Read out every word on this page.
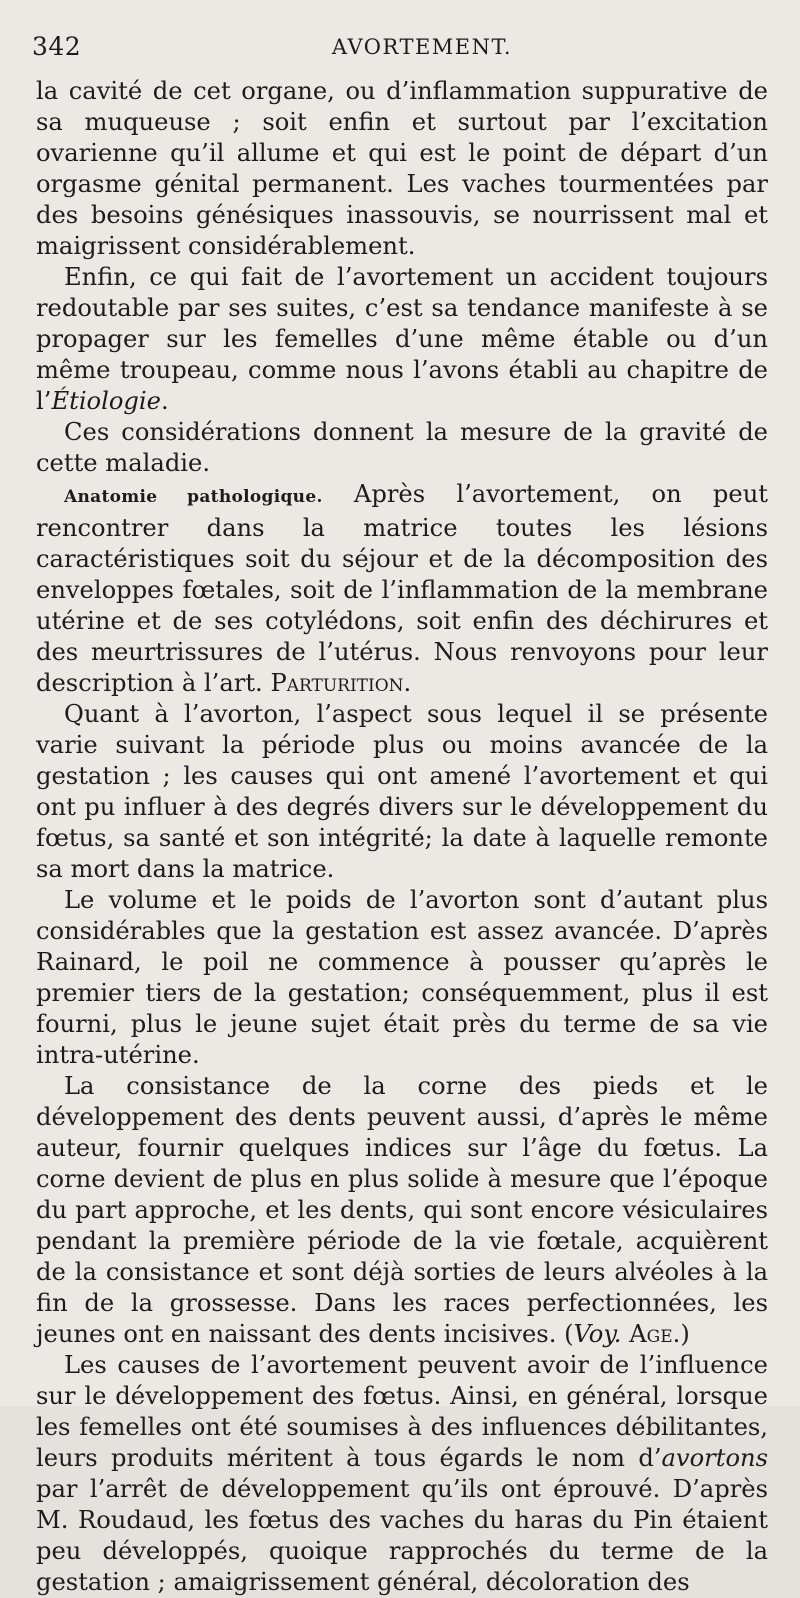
342	AVORTEMENT.

la cavité de cet organe, ou d’inflammation suppurative de sa muqueuse ; soit enfin et surtout par l’excitation ovarienne qu’il allume et qui est le point de départ d’un orgasme génital permanent. Les vaches tourmentées par des besoins génésiques inassouvis, se nourrissent mal et maigrissent considérablement.

Enfin, ce qui fait de l’avortement un accident toujours redoutable par ses suites, c’est sa tendance manifeste à se propager sur les femelles d’une même étable ou d’un même troupeau, comme nous l’avons établi au chapitre de l’Étiologie.

Ces considérations donnent la mesure de la gravité de cette maladie.

Anatomie pathologique. Après l’avortement, on peut rencontrer dans la matrice toutes les lésions caractéristiques soit du séjour et de la décomposition des enveloppes fœtales, soit de l’inflammation de la membrane utérine et de ses cotylédons, soit enfin des déchirures et des meurtrissures de l’utérus. Nous renvoyons pour leur description à l’art. Parturition.

Quant à l’avorton, l’aspect sous lequel il se présente varie suivant la période plus ou moins avancée de la gestation ; les causes qui ont amené l’avortement et qui ont pu influer à des degrés divers sur le développement du fœtus, sa santé et son intégrité; la date à laquelle remonte sa mort dans la matrice.

Le volume et le poids de l’avorton sont d’autant plus considérables que la gestation est assez avancée. D’après Rainard, le poil ne commence à pousser qu’après le premier tiers de la gestation; conséquemment, plus il est fourni, plus le jeune sujet était près du terme de sa vie intra-utérine.

La consistance de la corne des pieds et le développement des dents peuvent aussi, d’après le même auteur, fournir quelques indices sur l’âge du fœtus. La corne devient de plus en plus solide à mesure que l’époque du part approche, et les dents, qui sont encore vésiculaires pendant la première période de la vie fœtale, acquièrent de la consistance et sont déjà sorties de leurs alvéoles à la fin de la grossesse. Dans les races perfectionnées, les jeunes ont en naissant des dents incisives. (Voy. Age.)

Les causes de l’avortement peuvent avoir de l’influence sur le développement des fœtus. Ainsi, en général, lorsque les femelles ont été soumises à des influences débilitantes, leurs produits méritent à tous égards le nom d’avortons par l’arrêt de développement qu’ils ont éprouvé. D’après M. Roudaud, les fœtus des vaches du haras du Pin étaient peu développés, quoique rapprochés du terme de la gestation ; amaigrissement général, décoloration des
